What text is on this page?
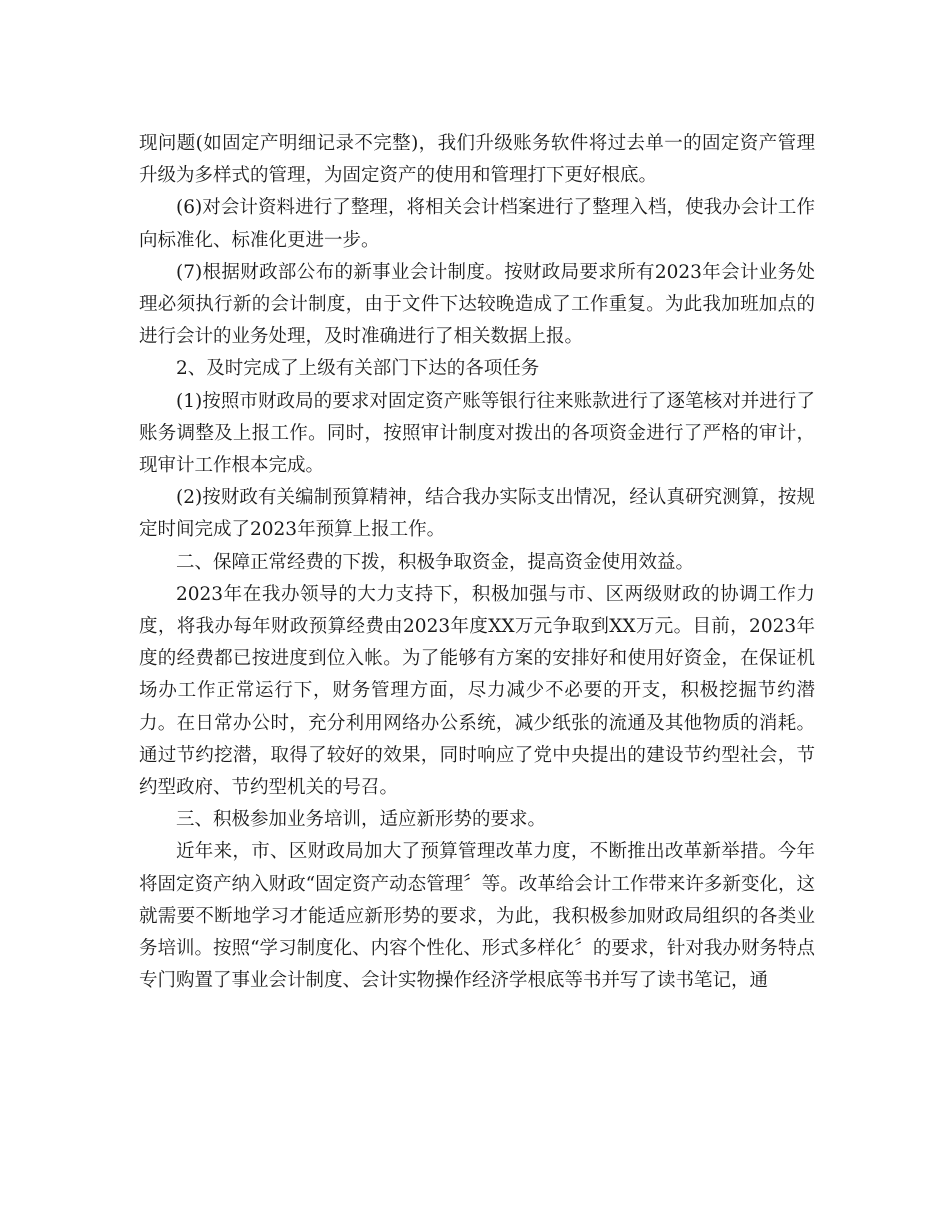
现问题(如固定产明细记录不完整)，我们升级账务软件将过去单一的固定资产管理升级为多样式的管理，为固定资产的使用和管理打下更好根底。

(6)对会计资料进行了整理，将相关会计档案进行了整理入档，使我办会计工作向标准化、标准化更进一步。

(7)根据财政部公布的新事业会计制度。按财政局要求所有2023年会计业务处理必须执行新的会计制度，由于文件下达较晚造成了工作重复。为此我加班加点的进行会计的业务处理，及时准确进行了相关数据上报。

2、及时完成了上级有关部门下达的各项任务

(1)按照市财政局的要求对固定资产账等银行往来账款进行了逐笔核对并进行了账务调整及上报工作。同时，按照审计制度对拨出的各项资金进行了严格的审计，现审计工作根本完成。

(2)按财政有关编制预算精神，结合我办实际支出情况，经认真研究测算，按规定时间完成了2023年预算上报工作。

二、保障正常经费的下拨，积极争取资金，提高资金使用效益。

2023年在我办领导的大力支持下，积极加强与市、区两级财政的协调工作力度，将我办每年财政预算经费由2023年度XX万元争取到XX万元。目前，2023年度的经费都已按进度到位入帐。为了能够有方案的安排好和使用好资金，在保证机场办工作正常运行下，财务管理方面，尽力减少不必要的开支，积极挖掘节约潜力。在日常办公时，充分利用网络办公系统，减少纸张的流通及其他物质的消耗。通过节约挖潜，取得了较好的效果，同时响应了党中央提出的建设节约型社会，节约型政府、节约型机关的号召。

三、积极参加业务培训，适应新形势的要求。

近年来，市、区财政局加大了预算管理改革力度，不断推出改革新举措。今年将固定资产纳入财政“固定资产动态管理〞等。改革给会计工作带来许多新变化，这就需要不断地学习才能适应新形势的要求，为此，我积极参加财政局组织的各类业务培训。按照“学习制度化、内容个性化、形式多样化〞的要求，针对我办财务特点专门购置了事业会计制度、会计实物操作经济学根底等书并写了读书笔记，通
